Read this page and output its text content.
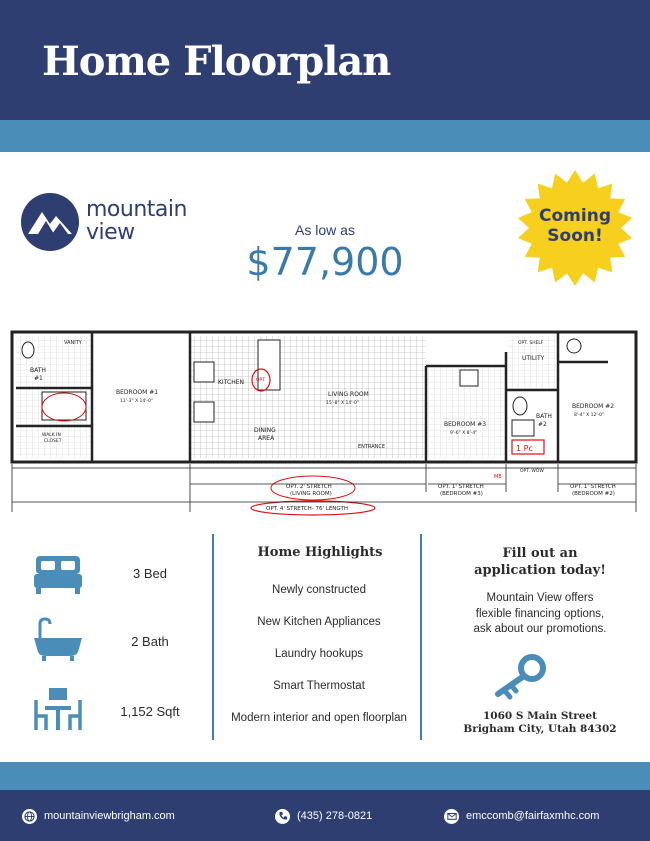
Home Floorplan
mountain
view	As low as
$77,900
Coming
Soon!
VANITY
BATH
#1
WALK IN
CLOSET
BEDROOM #1
11'-3" X 14'-0"
KITCHEN	OPT
LIVING ROOM
15'-8" X 14'-0"
DINING
AREA
ENTRANCE
BEDROOM #3
9'-6" X 8'-4"
OPT. SHELF
UTILITY
BATH
#2
BEDROOM #2
8'-4" X 12'-0"
OPT. WOW
1 Pc
MB
OPT. 2' STRETCH
(LIVING ROOM)
OPT. 1' STRETCH
(BEDROOM #3)
OPT. 1' STRETCH
(BEDROOM #2)
OPT. 4' STRETCH- 76' LENGTH
3 Bed
2 Bath
1,152 Sqft
Home Highlights
Newly constructed
New Kitchen Appliances
Laundry hookups
Smart Thermostat
Modern interior and open floorplan
Fill out an
application today!
Mountain View offers
flexible financing options,
ask about our promotions.
1060 S Main Street
Brigham City, Utah 84302
mountainviewbrigham.com	(435) 278-0821	emccomb@fairfaxmhc.com
